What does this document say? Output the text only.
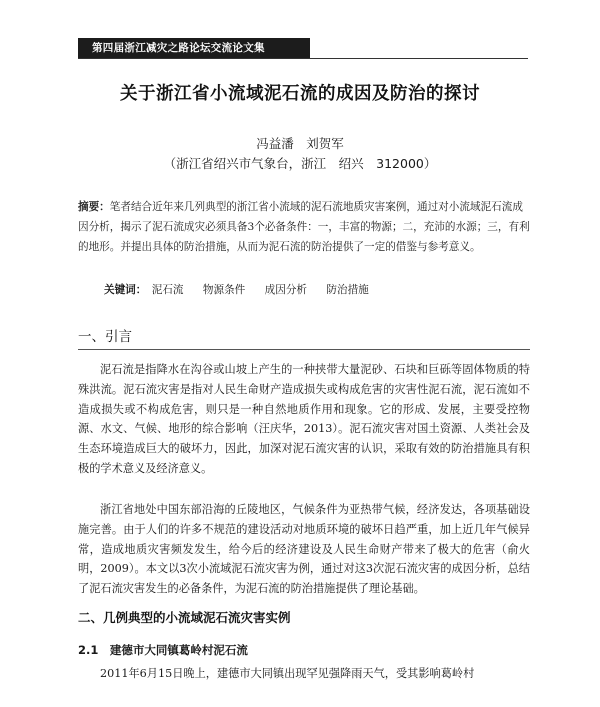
第四届浙江减灾之路论坛交流论文集
关于浙江省小流域泥石流的成因及防治的探讨
冯益潘　刘贺军
（浙江省绍兴市气象台，浙江　绍兴　312000）
摘要：笔者结合近年来几列典型的浙江省小流域的泥石流地质灾害案例，通过对小流域泥石流成因分析，揭示了泥石流成灾必须具备3个必备条件：一，丰富的物源；二，充沛的水源；三，有利的地形。并提出具体的防治措施，从而为泥石流的防治提供了一定的借鉴与参考意义。
关键词： 泥石流 物源条件 成因分析 防治措施
一、引言

泥石流是指降水在沟谷或山坡上产生的一种挟带大量泥砂、石块和巨砾等固体物质的特殊洪流。泥石流灾害是指对人民生命财产造成损失或构成危害的灾害性泥石流，泥石流如不造成损失或不构成危害，则只是一种自然地质作用和现象。它的形成、发展，主要受控物源、水文、气候、地形的综合影响（汪庆华，2013）。泥石流灾害对国土资源、人类社会及生态环境造成巨大的破坏力，因此，加深对泥石流灾害的认识，采取有效的防治措施具有积极的学术意义及经济意义。

浙江省地处中国东部沿海的丘陵地区，气候条件为亚热带气候，经济发达，各项基础设施完善。由于人们的许多不规范的建设活动对地质环境的破坏日趋严重，加上近几年气候异常，造成地质灾害频发发生，给今后的经济建设及人民生命财产带来了极大的危害（俞火明，2009）。本文以3次小流域泥石流灾害为例，通过对这3次泥石流灾害的成因分析，总结了泥石流灾害发生的必备条件，为泥石流的防治措施提供了理论基础。

二、几例典型的小流域泥石流灾害实例
2.1　建德市大同镇葛岭村泥石流

2011年6月15日晚上，建德市大同镇出现罕见强降雨天气，受其影响葛岭村
